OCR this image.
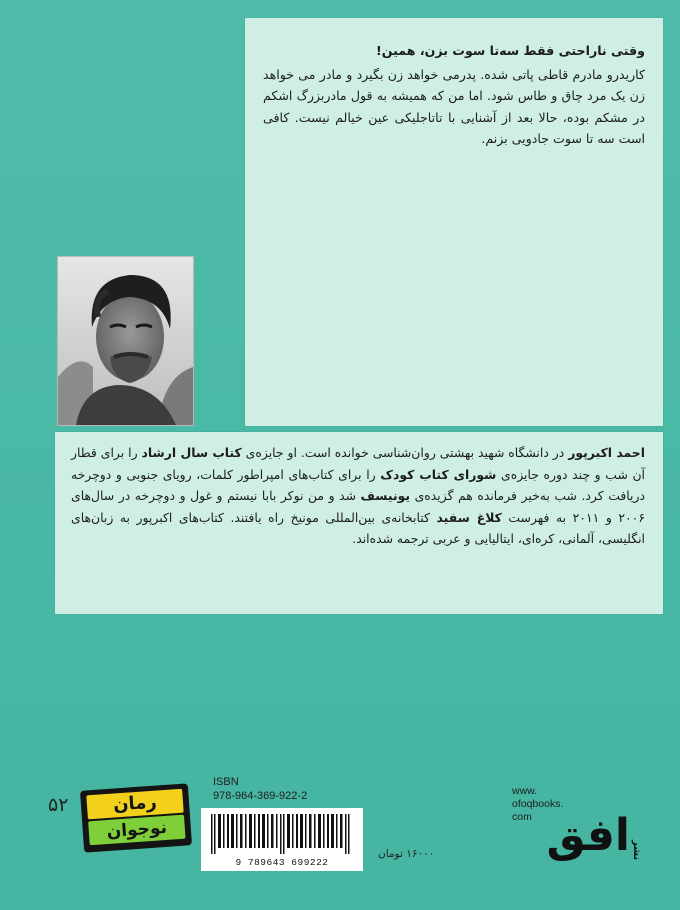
وقتی ناراحتی فقط سه‌تا سوت بزن، همین!
کاریدرو مادرم قاطی پاتی شده. پدرمی خواهد زن بگیرد و مادر می خواهد زن یک مرد چاق و طاس شود. اما من که همیشه به قول مادربزرگ اشکم در مشکم بوده، حالا بعد از آشنایی با تاتاجلیکی عین خیالم نیست. کافی است سه تا سوت جادویی بزنم.
احمد اکبرپور در دانشگاه شهید بهشتی روان‌شناسی خوانده است. او جایزه‌ی کتاب سال ارشاد را برای قطار آن شب و چند دوره جایزه‌ی شورای کتاب کودک را برای کتاب‌های امپراطور کلمات، رویای جنوبی و دوچرخه دریافت کرد. شب به‌خیر فرمانده هم گزیده‌ی یونیسف شد و من نوکر بابا نیستم و غول و دوچرخه در سال‌های ۲۰۰۶ و ۲۰۱۱ به فهرست کلاغ سفید کتابخانه‌ی بین‌المللی مونیخ راه یافتند. کتاب‌های اکبرپور به زبان‌های انگلیسی، آلمانی، کره‌ای، ایتالیایی و عربی ترجمه شده‌اند.
۵۲	رمان
نوجوان
ISBN
978-964-369-922-2
9 789643 699222
۱۶۰۰۰ تومان
www.
ofoqbooks.
com افق نشر
